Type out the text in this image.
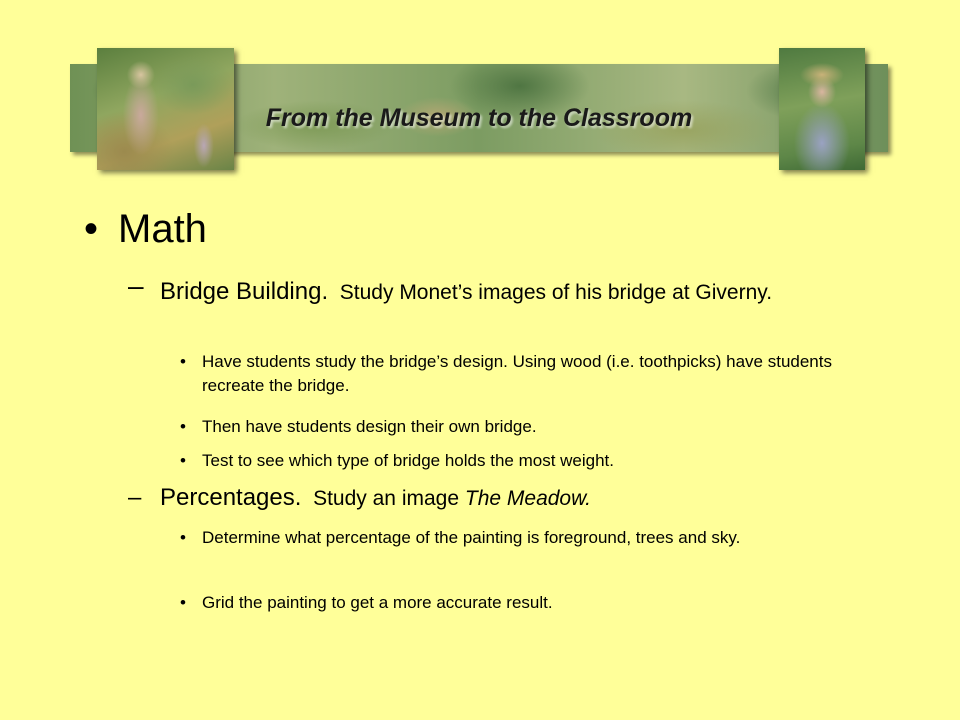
From the Museum to the Classroom
• Math
– Bridge Building. Study Monet’s images of his bridge at Giverny.
• Have students study the bridge’s design. Using wood (i.e. toothpicks) have students recreate the bridge.
• Then have students design their own bridge.
• Test to see which type of bridge holds the most weight.
– Percentages. Study an image The Meadow.
• Determine what percentage of the painting is foreground, trees and sky.
• Grid the painting to get a more accurate result.
